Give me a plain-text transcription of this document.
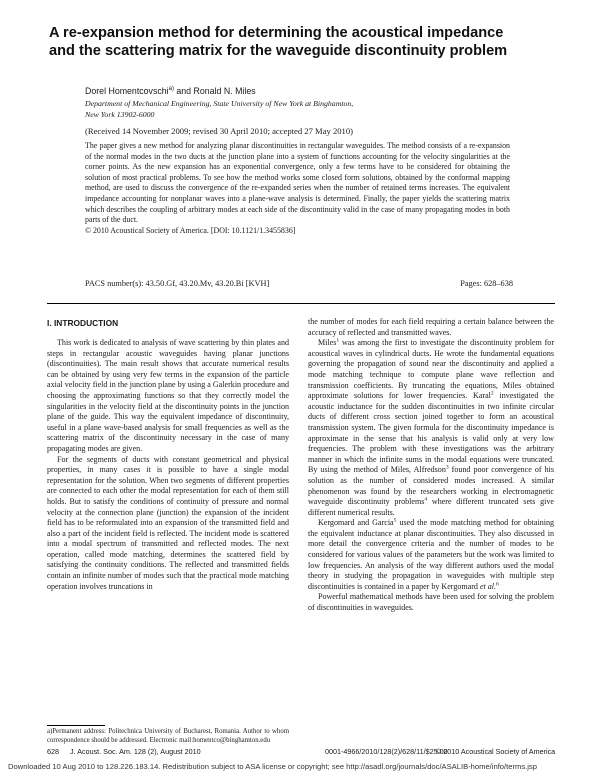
A re-expansion method for determining the acoustical impedance and the scattering matrix for the waveguide discontinuity problem
Dorel Homentcovschi$^{a)}$ and Ronald N. Miles
Department of Mechanical Engineering, State University of New York at Binghamton,
New York 13902-6000
(Received 14 November 2009; revised 30 April 2010; accepted 27 May 2010)

The paper gives a new method for analyzing planar discontinuities in rectangular waveguides. The method consists of a re-expansion of the normal modes in the two ducts at the junction plane into a system of functions accounting for the velocity singularities at the corner points. As the new expansion has an exponential convergence, only a few terms have to be considered for obtaining the solution of most practical problems. To see how the method works some closed form solutions, obtained by the conformal mapping method, are used to discuss the convergence of the re-expanded series when the number of retained terms increases. The equivalent impedance accounting for nonplanar waves into a plane-wave analysis is determined. Finally, the paper yields the scattering matrix which describes the coupling of arbitrary modes at each side of the discontinuity valid in the case of many propagating modes in both parts of the duct.

© 2010 Acoustical Society of America. [DOI: 10.1121/1.3455836]

PACS number(s): 43.50.Gf, 43.20.Mv, 43.20.Bi [KVH]	Pages: 628–638
I. INTRODUCTION

This work is dedicated to analysis of wave scattering by thin plates and steps in rectangular acoustic waveguides having planar junctions (discontinuities). The main result shows that accurate numerical results can be obtained by using very few terms in the expansion of the particle axial velocity field in the junction plane by using a Galerkin procedure and choosing the approximating functions so that they correctly model the singularities in the velocity field at the discontinuity points in the junction plane of the guide. This way the equivalent impedance of discontinuity, useful in a plane wave-based analysis for small frequencies as well as the scattering matrix of the discontinuity necessary in the case of many propagating modes are given.

For the segments of ducts with constant geometrical and physical properties, in many cases it is possible to have a single modal representation for the solution. When two segments of different properties are connected to each other the modal representation for each of them still holds. But to satisfy the conditions of continuity of pressure and normal velocity at the connection plane (junction) the expansion of the incident field has to be reformulated into an expansion of the transmitted field and also a part of the incident field is reflected. The incident mode is scattered into a modal spectrum of transmitted and reflected modes. The next operation, called mode matching, determines the scattered field by satisfying the continuity conditions. The reflected and transmitted fields contain an infinite number of modes such that the practical mode matching operation involves truncations in

a)Permanent address: Politechnica University of Bucharest, Romania. Author to whom correspondence should be addressed. Electronic mail:homentco@binghamton.edu

the number of modes for each field requiring a certain balance between the accuracy of reflected and transmitted waves.

Miles$^1$ was among the first to investigate the discontinuity problem for acoustical waves in cylindrical ducts. He wrote the fundamental equations governing the propagation of sound near the discontinuity and applied a mode matching technique to compute plane wave reflection and transmission coefficients. By truncating the equations, Miles obtained approximate solutions for lower frequencies. Karal$^2$ investigated the acoustic inductance for the sudden discontinuities in two infinite circular ducts of different cross section joined together to form an acoustical transmission system. The given formula for the discontinuity impedance is approximate in the sense that his analysis is valid only at very low frequencies. The problem with these investigations was the arbitrary manner in which the infinite sums in the modal equations were truncated. By using the method of Miles, Alfredson$^3$ found poor convergence of his solution as the number of considered modes increased. A similar phenomenon was found by the researchers working in electromagnetic waveguide discontinuity problems$^4$ where different truncated sets give different numerical results.

Kergomard and Garcia$^5$ used the mode matching method for obtaining the equivalent inductance at planar discontinuities. They also discussed in more detail the convergence criteria and the number of modes to be considered for various values of the parameters but the work was limited to low frequencies. An analysis of the way different authors used the modal theory in studying the propagation in waveguides with multiple step discontinuities is contained in a paper by Kergomard et al.$^6$

Powerful mathematical methods have been used for solving the problem of discontinuities in waveguides.

628 J. Acoust. Soc. Am. 128 (2), August 2010	0001-4966/2010/128(2)/628/11/$25.00
© 2010 Acoustical Society of America
Downloaded 10 Aug 2010 to 128.226.183.14. Redistribution subject to ASA license or copyright; see http://asadl.org/journals/doc/ASALIB-home/info/terms.jsp
